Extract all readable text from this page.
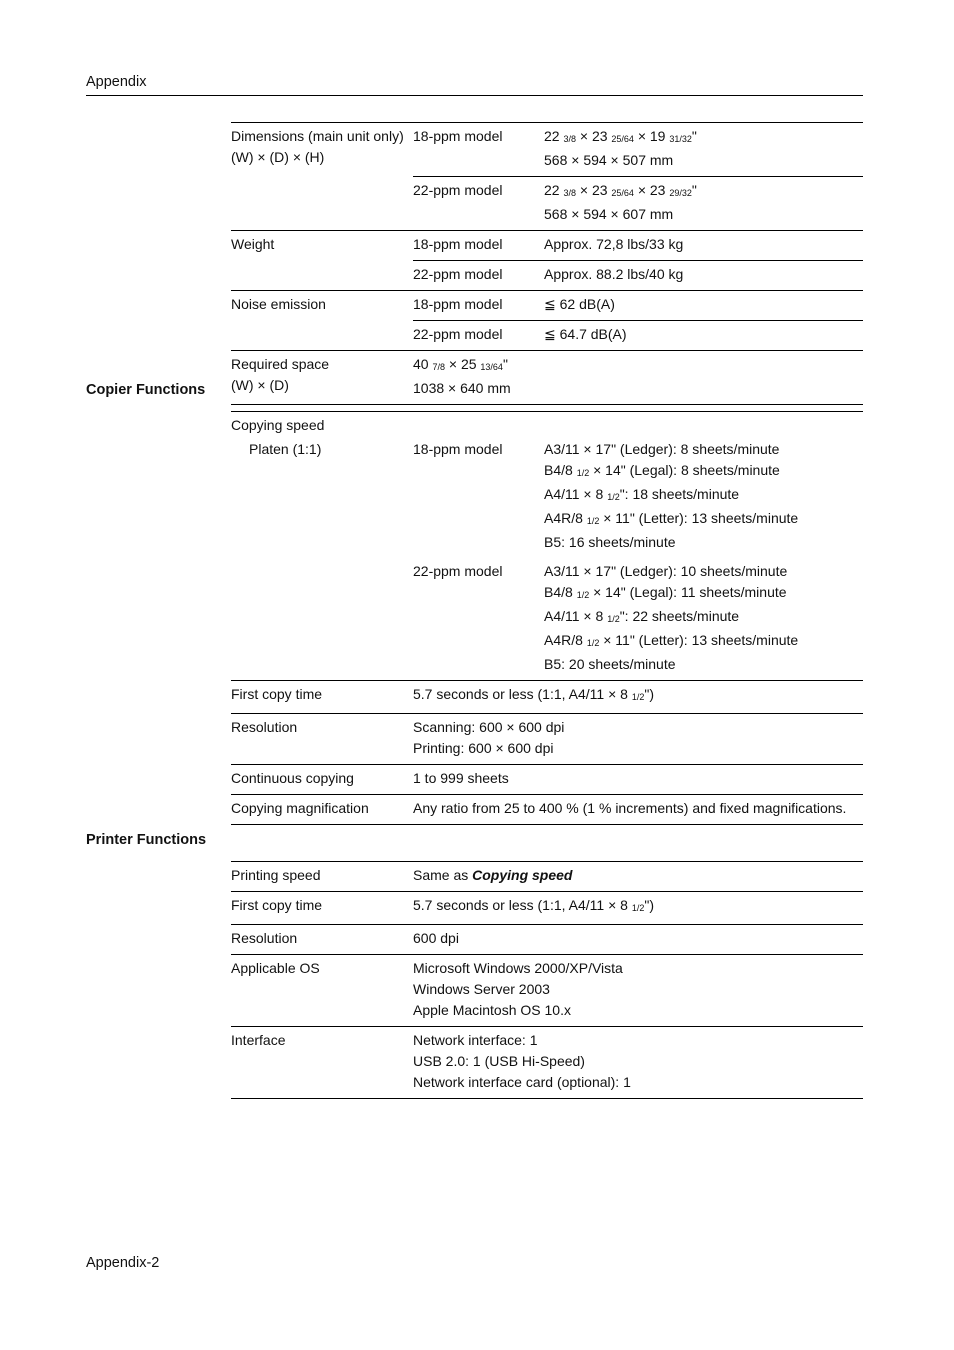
Appendix
Dimensions (main unit only)
(W) × (D) × (H)	18-ppm model	22 $_{3/8}$ × 23 $_{25/64}$ × 19 $_{31/32}$"
568 × 594 × 507 mm

	22-ppm model	22 $_{3/8}$ × 23 $_{25/64}$ × 23 $_{29/32}$"
568 × 594 × 607 mm

Weight	18-ppm model	Approx. 72,8 lbs/33 kg
	22-ppm model	Approx. 88.2 lbs/40 kg
Noise emission	18-ppm model	≦ 62 dB(A)
	22-ppm model	≦ 64.7 dB(A)

Required space
(W) × (D)	40 $_{7/8}$ × 25 $_{13/64}$"
1038 × 640 mm	
Copier Functions
Copying speed		
Platen (1:1)	18-ppm model	A3/11 × 17" (Ledger): 8 sheets/minute
B4/8 $_{1/2}$ × 14" (Legal): 8 sheets/minute
A4/11 × 8 $_{1/2}$": 18 sheets/minute
A4R/8 $_{1/2}$ × 11" (Letter): 13 sheets/minute
B5: 16 sheets/minute

	22-ppm model	A3/11 × 17" (Ledger): 10 sheets/minute
B4/8 $_{1/2}$ × 14" (Legal): 11 sheets/minute
A4/11 × 8 $_{1/2}$": 22 sheets/minute
A4R/8 $_{1/2}$ × 11" (Letter): 13 sheets/minute
B5: 20 sheets/minute

First copy time	5.7 seconds or less (1:1, A4/11 × 8 $_{1/2}$")	
Resolution	Scanning: 600 × 600 dpi
Printing: 600 × 600 dpi	

Continuous copying	1 to 999 sheets	
Copying magnification	Any ratio from 25 to 400 % (1 % increments) and fixed magnifications.	
Printer Functions
Printing speed	Same as Copying speed
First copy time	5.7 seconds or less (1:1, A4/11 × 8 $_{1/2}$")
Resolution	600 dpi
Applicable OS	Microsoft Windows 2000/XP/Vista
Windows Server 2003
Apple Macintosh OS 10.x

Interface	Network interface: 1
USB 2.0: 1 (USB Hi-Speed)
Network interface card (optional): 1
Appendix-2
